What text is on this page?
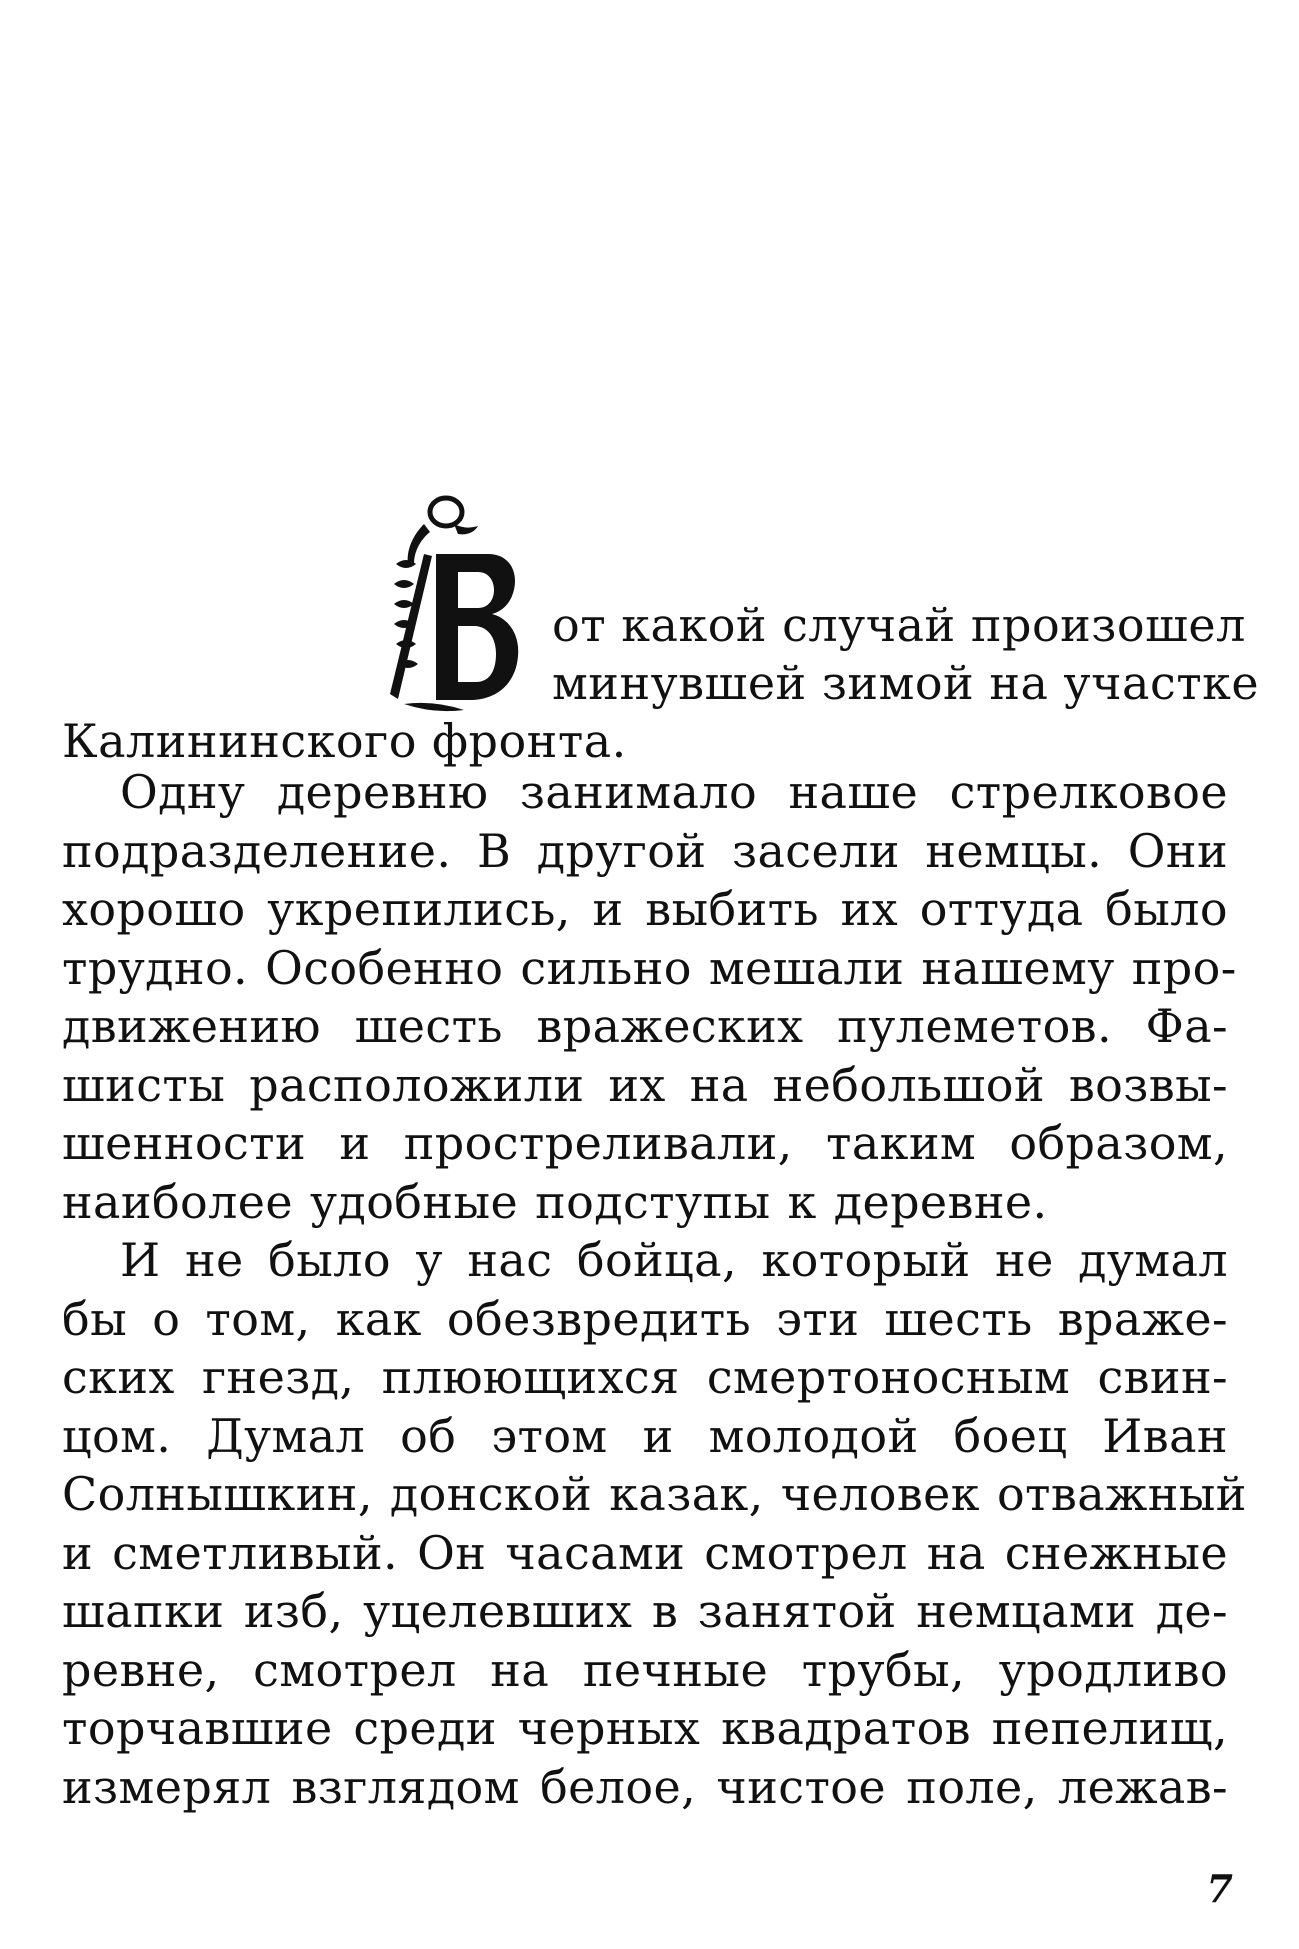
от какой случай произошел
минувшей зимой на участке
Калининского фронта.

Одну деревню занимало наше стрелковое
подразделение. В другой засели немцы. Они
хорошо укрепились, и выбить их оттуда было
трудно. Особенно сильно мешали нашему про-
движению шесть вражеских пулеметов. Фа-
шисты расположили их на небольшой возвы-
шенности и простреливали, таким образом,
наиболее удобные подступы к деревне.

И не было у нас бойца, который не думал
бы о том, как обезвредить эти шесть враже-
ских гнезд, плюющихся смертоносным свин-
цом. Думал об этом и молодой боец Иван
Солнышкин, донской казак, человек отважный
и сметливый. Он часами смотрел на снежные
шапки изб, уцелевших в занятой немцами де-
ревне, смотрел на печные трубы, уродливо
торчавшие среди черных квадратов пепелищ,
измерял взглядом белое, чистое поле, лежав-

7
